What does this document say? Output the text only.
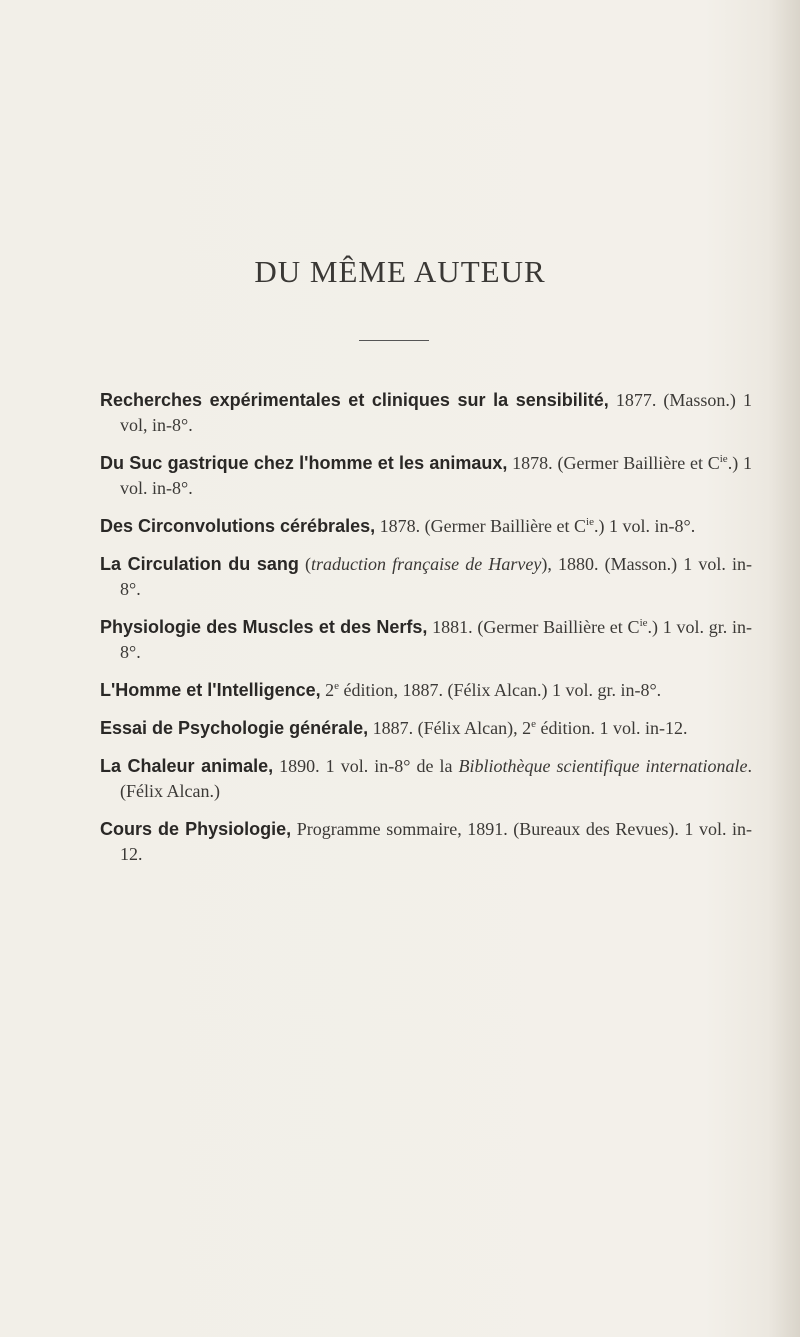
DU MÊME AUTEUR
Recherches expérimentales et cliniques sur la sensibilité, 1877. (Masson.) 1 vol, in-8°.
Du Suc gastrique chez l'homme et les animaux, 1878. (Germer Baillière et $C^{ie}$.) 1 vol. in-8°.
Des Circonvolutions cérébrales, 1878. (Germer Baillière et $C^{ie}$.) 1 vol. in-8°.
La Circulation du sang (traduction française de Harvey), 1880. (Masson.) 1 vol. in-8°.
Physiologie des Muscles et des Nerfs, 1881. (Germer Baillière et $C^{ie}$.) 1 vol. gr. in-8°.
L'Homme et l'Intelligence, 2e édition, 1887. (Félix Alcan.) 1 vol. gr. in-8°.
Essai de Psychologie générale, 1887. (Félix Alcan), 2e édition. 1 vol. in-12.
La Chaleur animale, 1890. 1 vol. in-8° de la Bibliothèque scientifique internationale. (Félix Alcan.)
Cours de Physiologie, Programme sommaire, 1891. (Bureaux des Revues). 1 vol. in-12.
